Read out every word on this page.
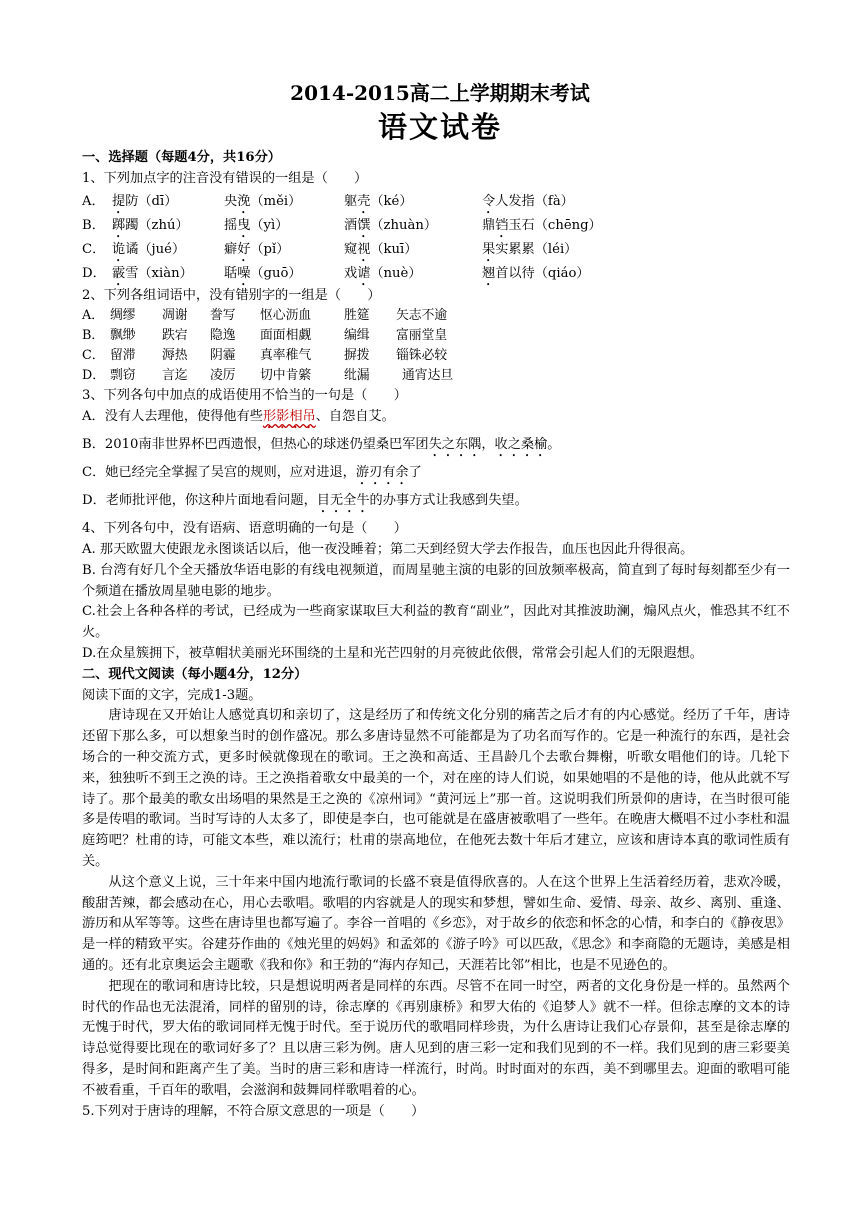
2014-2015高二上学期期末考试
语文试卷
一、选择题（每题4分，共16分）
1、下列加点字的注音没有错误的一组是（　　）
A． 提防（dī）	央浼（měi）	躯壳（ké）	令人发指（fà）
B． 踯躅（zhú）	摇曳（yì）	酒馔（zhuàn）	鼎铛玉石（chēng）
C． 诡谲（jué）	癖好（pǐ）	窥视（kuī）	果实累累（léi）
D． 霰雪（xiàn） 聒噪（guō）	戏谑（nuè）	翘首以待（qiáo）
2、下列各组词语中，没有错别字的一组是（　　）
A． 绸缪 凋谢 誊写 怄心沥血	胜筵 矢志不逾
B． 飘缈 跌宕 隐逸 面面相觑	编缉 富丽堂皇
C． 留滞 溽热 阴霾 真率稚气	摒拨 锱铢必较
D． 剽窃 言迄 凌厉 切中肯綮	纰漏	通宵达旦
3、下列各句中加点的成语使用不恰当的一句是（　　）
A．没有人去理他，使得他有些形影相吊、自怨自艾。
B．2010南非世界杯巴西遗恨，但热心的球迷仍望桑巴军团失之东隅，收之桑榆。
C．她已经完全掌握了吴宫的规则，应对进退，游刃有余了
D．老师批评他，你这种片面地看问题，目无全牛的办事方式让我感到失望。
4、下列各句中，没有语病、语意明确的一句是（　　）
A. 那天欧盟大使跟龙永图谈话以后，他一夜没睡着；第二天到经贸大学去作报告，血压也因此升得很高。
B. 台湾有好几个全天播放华语电影的有线电视频道，而周星驰主演的电影的回放频率极高，简直到了每时每刻都至少有一个频道在播放周星驰电影的地步。
C.社会上各种各样的考试，已经成为一些商家谋取巨大利益的教育“副业”，因此对其推波助澜，煽风点火，惟恐其不红不火。
D.在众星簇拥下，被草帽状美丽光环围绕的土星和光芒四射的月亮彼此依偎，常常会引起人们的无限遐想。
二、现代文阅读（每小题4分，12分）
阅读下面的文字，完成1-3题。
唐诗现在又开始让人感觉真切和亲切了，这是经历了和传统文化分别的痛苦之后才有的内心感觉。经历了千年，唐诗还留下那么多，可以想象当时的创作盛况。那么多唐诗显然不可能都是为了功名而写作的。它是一种流行的东西，是社会场合的一种交流方式，更多时候就像现在的歌词。王之涣和高适、王昌龄几个去歌台舞榭，听歌女唱他们的诗。几轮下来，独独听不到王之涣的诗。王之涣指着歌女中最美的一个，对在座的诗人们说，如果她唱的不是他的诗，他从此就不写诗了。那个最美的歌女出场唱的果然是王之涣的《凉州词》“黄河远上”那一首。这说明我们所景仰的唐诗，在当时很可能多是传唱的歌词。当时写诗的人太多了，即使是李白，也可能就是在盛唐被歌唱了一些年。在晚唐大概唱不过小李杜和温庭筠吧？杜甫的诗，可能文本些，难以流行；杜甫的崇高地位，在他死去数十年后才建立，应该和唐诗本真的歌词性质有关。
从这个意义上说，三十年来中国内地流行歌词的长盛不衰是值得欣喜的。人在这个世界上生活着经历着，悲欢冷暖，酸甜苦辣，都会感动在心，用心去歌唱。歌唱的内容就是人的现实和梦想，譬如生命、爱情、母亲、故乡、离别、重逢、游历和从军等等。这些在唐诗里也都写遍了。李谷一首唱的《乡恋》，对于故乡的依恋和怀念的心情，和李白的《静夜思》是一样的精致平实。谷建芬作曲的《烛光里的妈妈》和孟郊的《游子吟》可以匹敌，《思念》和李商隐的无题诗，美感是相通的。还有北京奥运会主题歌《我和你》和王勃的“海内存知己，天涯若比邻”相比，也是不见逊色的。
把现在的歌词和唐诗比较，只是想说明两者是同样的东西。尽管不在同一时空，两者的文化身份是一样的。虽然两个时代的作品也无法混淆，同样的留别的诗，徐志摩的《再别康桥》和罗大佑的《追梦人》就不一样。但徐志摩的文本的诗无愧于时代，罗大佑的歌词同样无愧于时代。至于说历代的歌唱同样珍贵，为什么唐诗让我们心存景仰，甚至是徐志摩的诗总觉得要比现在的歌词好多了？且以唐三彩为例。唐人见到的唐三彩一定和我们见到的不一样。我们见到的唐三彩要美得多，是时间和距离产生了美。当时的唐三彩和唐诗一样流行，时尚。时时面对的东西，美不到哪里去。迎面的歌唱可能不被看重，千百年的歌唱，会滋润和鼓舞同样歌唱着的心。
5.下列对于唐诗的理解，不符合原文意思的一项是（　　）
